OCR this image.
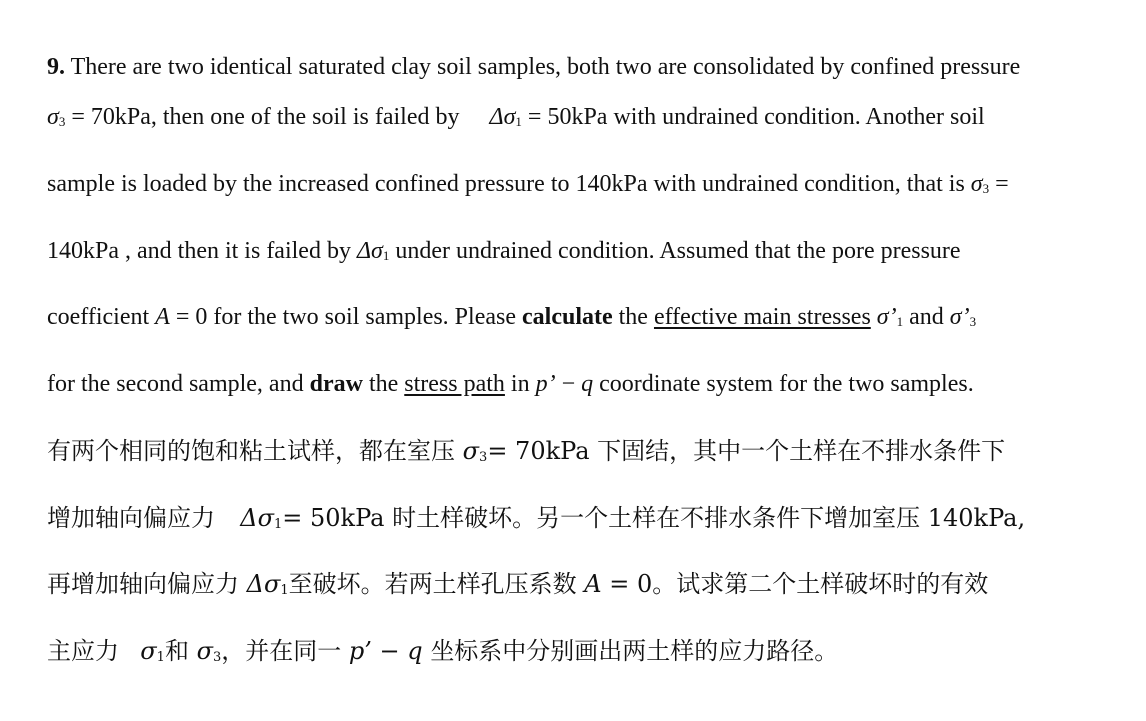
9. There are two identical saturated clay soil samples, both two are consolidated by confined pressure
σ3 = 70kPa, then one of the soil is failed by Δσ1 = 50kPa with undrained condition. Another soil
sample is loaded by the increased confined pressure to 140kPa with undrained condition, that is σ3 =
140kPa , and then it is failed by Δσ1 under undrained condition. Assumed that the pore pressure
coefficient A = 0 for the two soil samples. Please calculate the effective main stresses σ’1 and σ’3
for the second sample, and draw the stress path in p’ − q coordinate system for the two samples.
有两个相同的饱和粘土试样，都在室压 σ3= 70kPa 下固结，其中一个土样在不排水条件下
增加轴向偏应力 Δσ1= 50kPa 时土样破坏。另一个土样在不排水条件下增加室压 140kPa,
再增加轴向偏应力 Δσ1至破坏。若两土样孔压系数 A = 0。试求第二个土样破坏时的有效
主应力 σ1和 σ3，并在同一 p’ − q 坐标系中分别画出两土样的应力路径。
